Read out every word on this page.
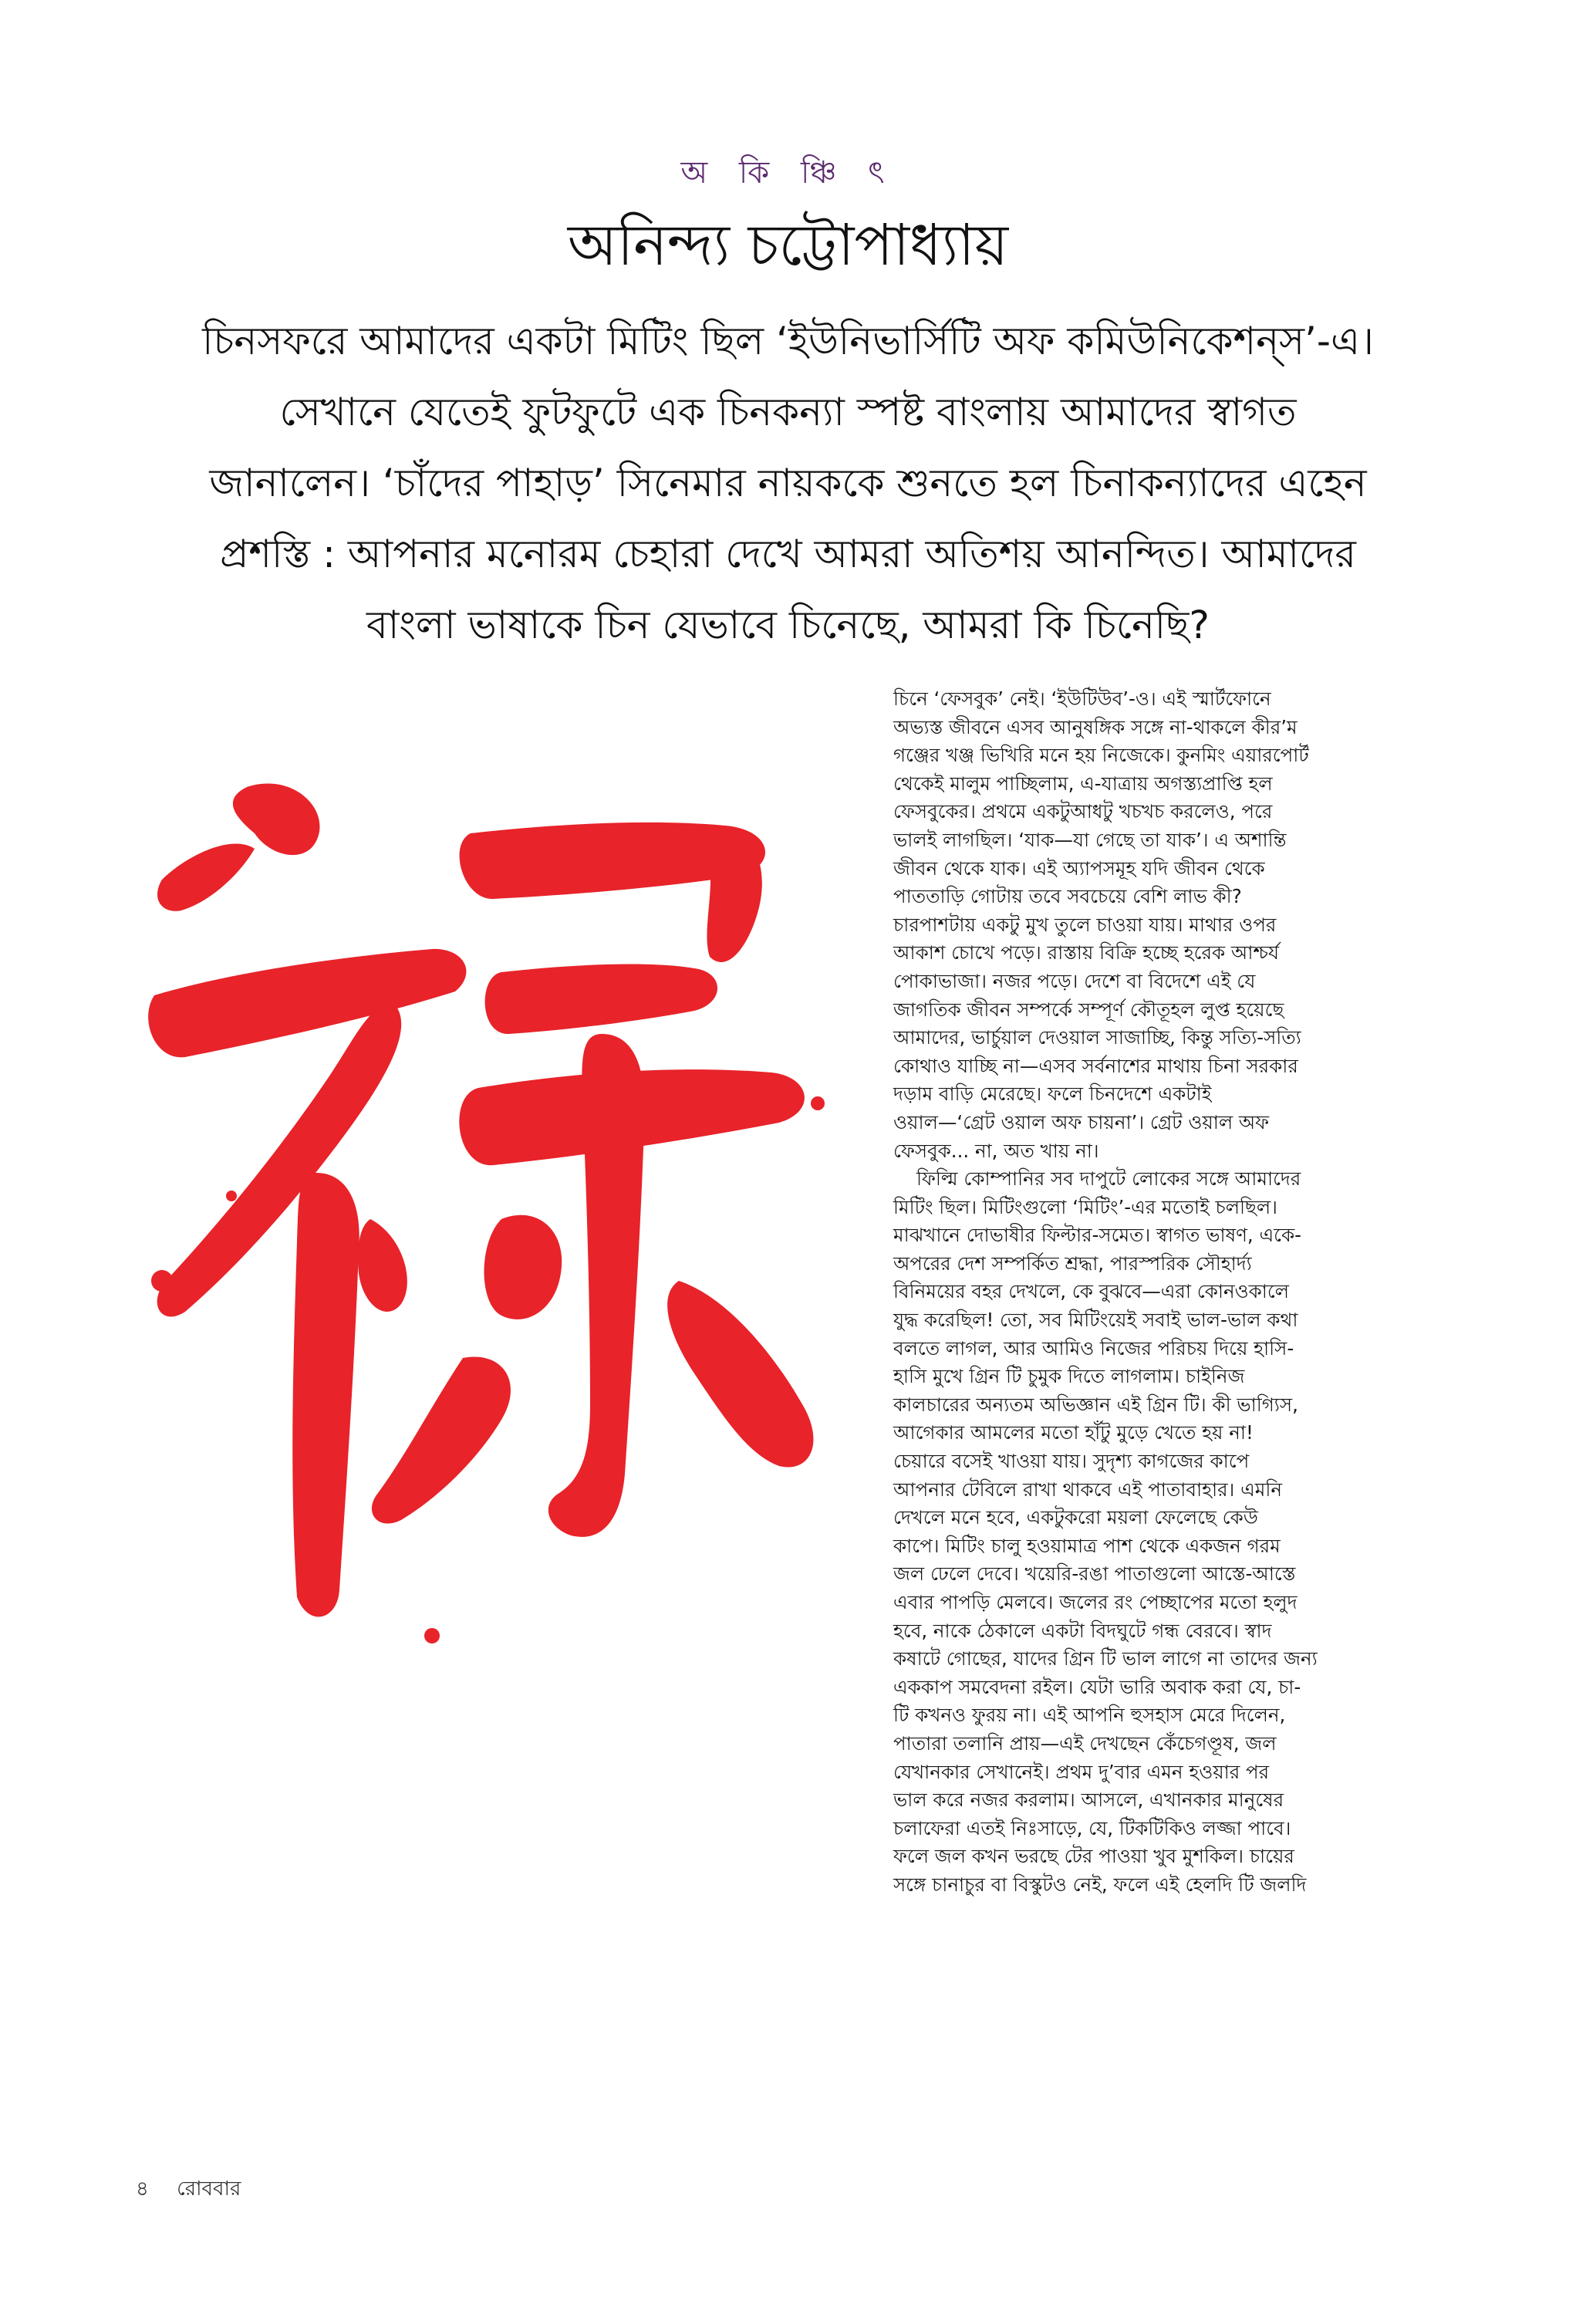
অ কি ঞ্চি ৎ
অনিন্দ্য চট্টোপাধ্যায়
চিনসফরে আমাদের একটা মিটিং ছিল ‘ইউনিভার্সিটি অফ কমিউনিকেশন্‌স’-এ।
সেখানে যেতেই ফুটফুটে এক চিনকন্যা স্পষ্ট বাংলায় আমাদের স্বাগত
জানালেন। ‘চাঁদের পাহাড়’ সিনেমার নায়ককে শুনতে হল চিনাকন্যাদের এহেন
প্রশস্তি : আপনার মনোরম চেহারা দেখে আমরা অতিশয় আনন্দিত। আমাদের
বাংলা ভাষাকে চিন যেভাবে চিনেছে, আমরা কি চিনেছি?
চিনে ‘ফেসবুক’ নেই। ‘ইউটিউব’-ও। এই স্মার্টফোনে
অভ্যস্ত জীবনে এসব আনুষঙ্গিক সঙ্গে না-থাকলে কীর’ম
গঞ্জের খঞ্জ ভিখিরি মনে হয় নিজেকে। কুনমিং এয়ারপোর্ট
থেকেই মালুম পাচ্ছিলাম, এ-যাত্রায় অগস্ত্যপ্রাপ্তি হল
ফেসবুকের। প্রথমে একটুআধটু খচখচ করলেও, পরে
ভালই লাগছিল। ‘যাক—যা গেছে তা যাক’। এ অশান্তি
জীবন থেকে যাক। এই অ্যাপসমূহ যদি জীবন থেকে
পাততাড়ি গোটায় তবে সবচেয়ে বেশি লাভ কী?
চারপাশটায় একটু মুখ তুলে চাওয়া যায়। মাথার ওপর
আকাশ চোখে পড়ে। রাস্তায় বিক্রি হচ্ছে হরেক আশ্চর্য
পোকাভাজা। নজর পড়ে। দেশে বা বিদেশে এই যে
জাগতিক জীবন সম্পর্কে সম্পূর্ণ কৌতূহল লুপ্ত হয়েছে
আমাদের, ভার্চুয়াল দেওয়াল সাজাচ্ছি, কিন্তু সত্যি-সত্যি
কোথাও যাচ্ছি না—এসব সর্বনাশের মাথায় চিনা সরকার
দড়াম বাড়ি মেরেছে। ফলে চিনদেশে একটাই
ওয়াল—‘গ্রেট ওয়াল অফ চায়না’। গ্রেট ওয়াল অফ
ফেসবুক... না, অত খায় না।
ফিল্মি কোম্পানির সব দাপুটে লোকের সঙ্গে আমাদের
মিটিং ছিল। মিটিংগুলো ‘মিটিং’-এর মতোই চলছিল।
মাঝখানে দোভাষীর ফিল্টার-সমেত। স্বাগত ভাষণ, একে-
অপরের দেশ সম্পর্কিত শ্রদ্ধা, পারস্পরিক সৌহার্দ্য
বিনিময়ের বহর দেখলে, কে বুঝবে—এরা কোনওকালে
যুদ্ধ করেছিল! তো, সব মিটিংয়েই সবাই ভাল-ভাল কথা
বলতে লাগল, আর আমিও নিজের পরিচয় দিয়ে হাসি-
হাসি মুখে গ্রিন টি চুমুক দিতে লাগলাম। চাইনিজ
কালচারের অন্যতম অভিজ্ঞান এই গ্রিন টি। কী ভাগ্যিস,
আগেকার আমলের মতো হাঁটু মুড়ে খেতে হয় না!
চেয়ারে বসেই খাওয়া যায়। সুদৃশ্য কাগজের কাপে
আপনার টেবিলে রাখা থাকবে এই পাতাবাহার। এমনি
দেখলে মনে হবে, একটুকরো ময়লা ফেলেছে কেউ
কাপে। মিটিং চালু হওয়ামাত্র পাশ থেকে একজন গরম
জল ঢেলে দেবে। খয়েরি-রঙা পাতাগুলো আস্তে-আস্তে
এবার পাপড়ি মেলবে। জলের রং পেচ্ছাপের মতো হলুদ
হবে, নাকে ঠেকালে একটা বিদঘুটে গন্ধ বেরবে। স্বাদ
কষাটে গোছের, যাদের গ্রিন টি ভাল লাগে না তাদের জন্য
এককাপ সমবেদনা রইল। যেটা ভারি অবাক করা যে, চা-
টি কখনও ফুরয় না। এই আপনি হুসহাস মেরে দিলেন,
পাতারা তলানি প্রায়—এই দেখছেন কেঁচেগণ্ডূষ, জল
যেখানকার সেখানেই। প্রথম দু’বার এমন হওয়ার পর
ভাল করে নজর করলাম। আসলে, এখানকার মানুষের
চলাফেরা এতই নিঃসাড়ে, যে, টিকটিকিও লজ্জা পাবে।
ফলে জল কখন ভরছে টের পাওয়া খুব মুশকিল। চায়ের
সঙ্গে চানাচুর বা বিস্কুটও নেই, ফলে এই হেলদি টি জলদি
৪ রোববার
